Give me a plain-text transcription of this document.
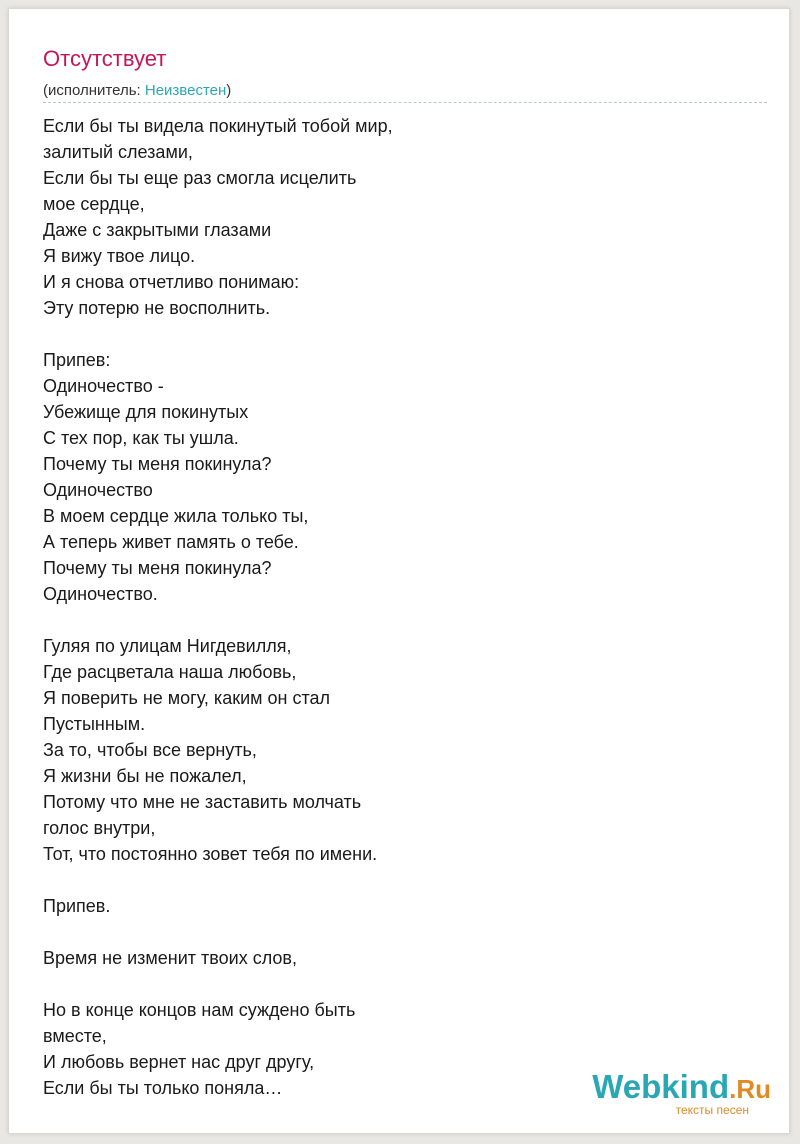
Отсутствует
(исполнитель: Неизвестен)
Если бы ты видела покинутый тобой мир,
залитый слезами,
Если бы ты еще раз смогла исцелить
мое сердце,
Даже с закрытыми глазами
Я вижу твое лицо.
И я снова отчетливо понимаю:
Эту потерю не восполнить.
Припев:
Одиночество -
Убежище для покинутых
С тех пор, как ты ушла.
Почему ты меня покинула?
Одиночество
В моем сердце жила только ты,
А теперь живет память о тебе.
Почему ты меня покинула?
Одиночество.
Гуляя по улицам Нигдевилля,
Где расцветала наша любовь,
Я поверить не могу, каким он стал
Пустынным.
За то, чтобы все вернуть,
Я жизни бы не пожалел,
Потому что мне не заставить молчать
голос внутри,
Тот, что постоянно зовет тебя по имени.
Припев.
Время не изменит твоих слов,
Но в конце концов нам суждено быть
вместе,
И любовь вернет нас друг другу,
Если бы ты только поняла…	Webkind.Ru
тексты песен
